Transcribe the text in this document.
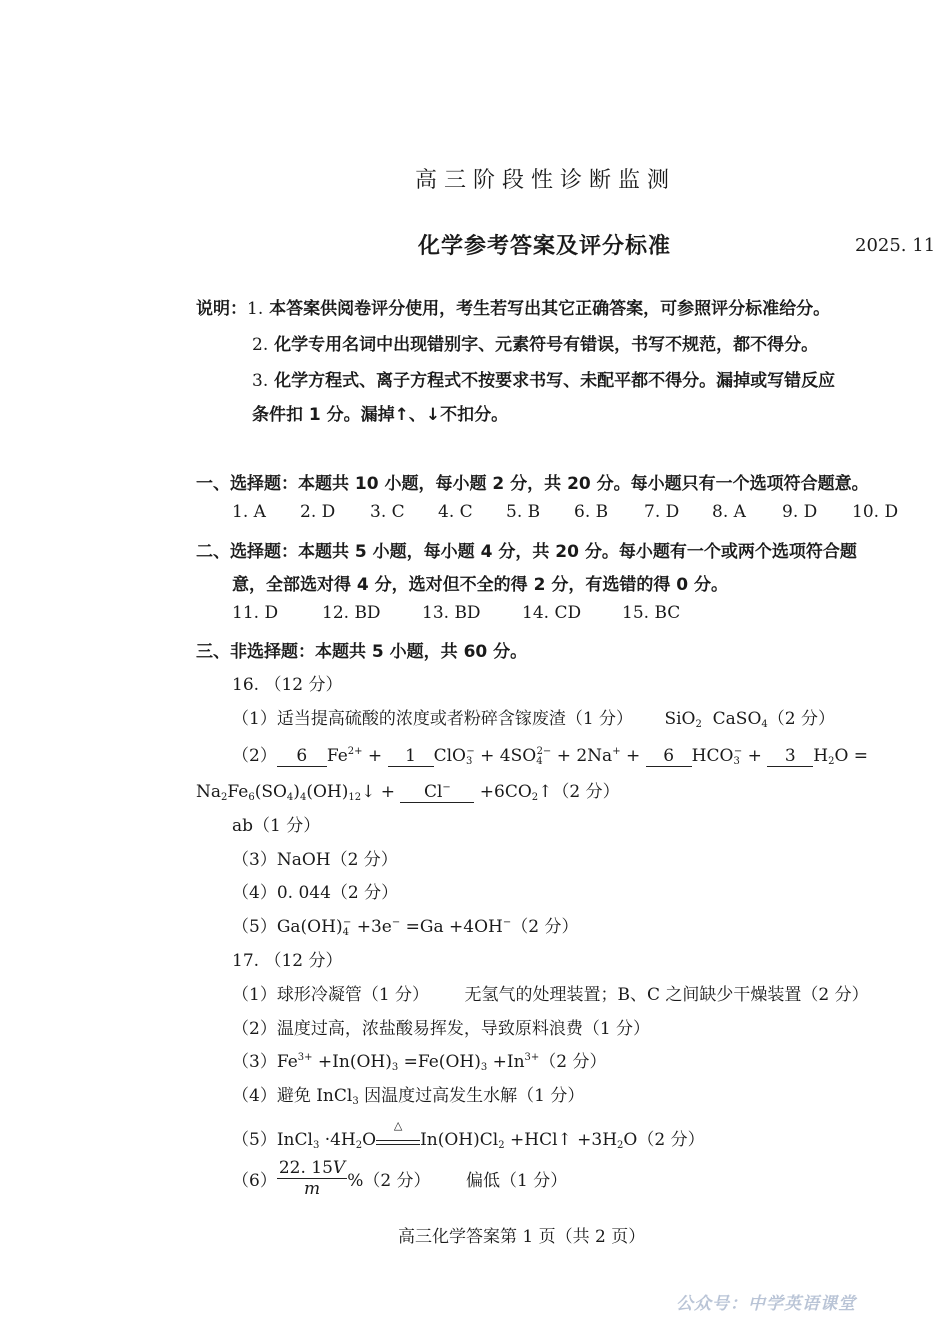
高三阶段性诊断监测
化学参考答案及评分标准	2025. 11
说明：1. 本答案供阅卷评分使用，考生若写出其它正确答案，可参照评分标准给分。
2. 化学专用名词中出现错别字、元素符号有错误，书写不规范，都不得分。
3. 化学方程式、离子方程式不按要求书写、未配平都不得分。漏掉或写错反应
条件扣 1 分。漏掉↑、↓不扣分。
一、选择题：本题共 10 小题，每小题 2 分，共 20 分。每小题只有一个选项符合题意。
1. A 2. D 3. C 4. C 5. B 6. B 7. D 8. A 9. D 10. D
二、选择题：本题共 5 小题，每小题 4 分，共 20 分。每小题有一个或两个选项符合题
意，全部选对得 4 分，选对但不全的得 2 分，有选错的得 0 分。
11. D	12. BD 13. BD 14. CD 15. BC
三、非选择题：本题共 5 小题，共 60 分。
16. （12 分）
（1）适当提高硫酸的浓度或者粉碎含镓废渣（1 分） SiO$_2$  CaSO$_4$（2 分）
（2） 6 $Fe^{2+} + 1$ $ClO_3^- + 4SO_4^{2-} + 2Na^+ + 6$ $HCO_3^- + 3$ $H_2O$ =
$Na_2Fe_6(SO_4)_4(OH)_{12}↓ + Cl^-$ $+6CO_2↑(2$ 分）
ab（1 分）
（3）NaOH（2 分）
（4）0. 044（2 分）
$(5)Ga(OH)_4^- +3e^- =Ga +4OH^-(2$ 分）
17. （12 分）
（1）球形冷凝管（1 分） 无氢气的处理装置；B、C 之间缺少干燥装置（2 分）
（2）温度过高，浓盐酸易挥发，导致原料浪费（1 分）
$(3)Fe^{3+} +In(OH)_3 =Fe(OH)_3 +In^{3+}(2$ 分）
（4）避免 InCl$_3$ 因温度过高发生水解（1 分）
（5）InCl$_3$ $\cdot 4H_2O$
△
$In(OH)Cl_2$ +HCl↑ $+3H_2O(2$ 分）
$(6) \frac{22. 15V}{m} \%(2$ 分） 偏低（1 分）
高三化学答案第 1 页（共 2 页）
公众号：中学英语课堂
